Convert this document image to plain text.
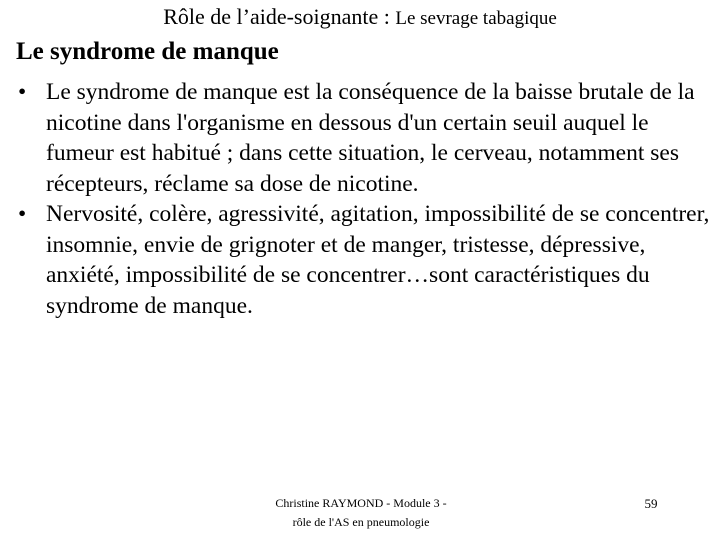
Rôle de l’aide-soignante : Le sevrage tabagique
Le syndrome de manque
• Le syndrome de manque est la conséquence de la baisse brutale de la nicotine dans l'organisme en dessous d'un certain seuil auquel le fumeur est habitué ; dans cette situation, le cerveau, notamment ses récepteurs, réclame sa dose de nicotine.
• Nervosité, colère, agressivité, agitation, impossibilité de se concentrer, insomnie, envie de grignoter et de manger, tristesse, dépressive, anxiété, impossibilité de se concentrer…sont caractéristiques du syndrome de manque.
Christine RAYMOND - Module 3 -
rôle de l'AS en pneumologie
59
